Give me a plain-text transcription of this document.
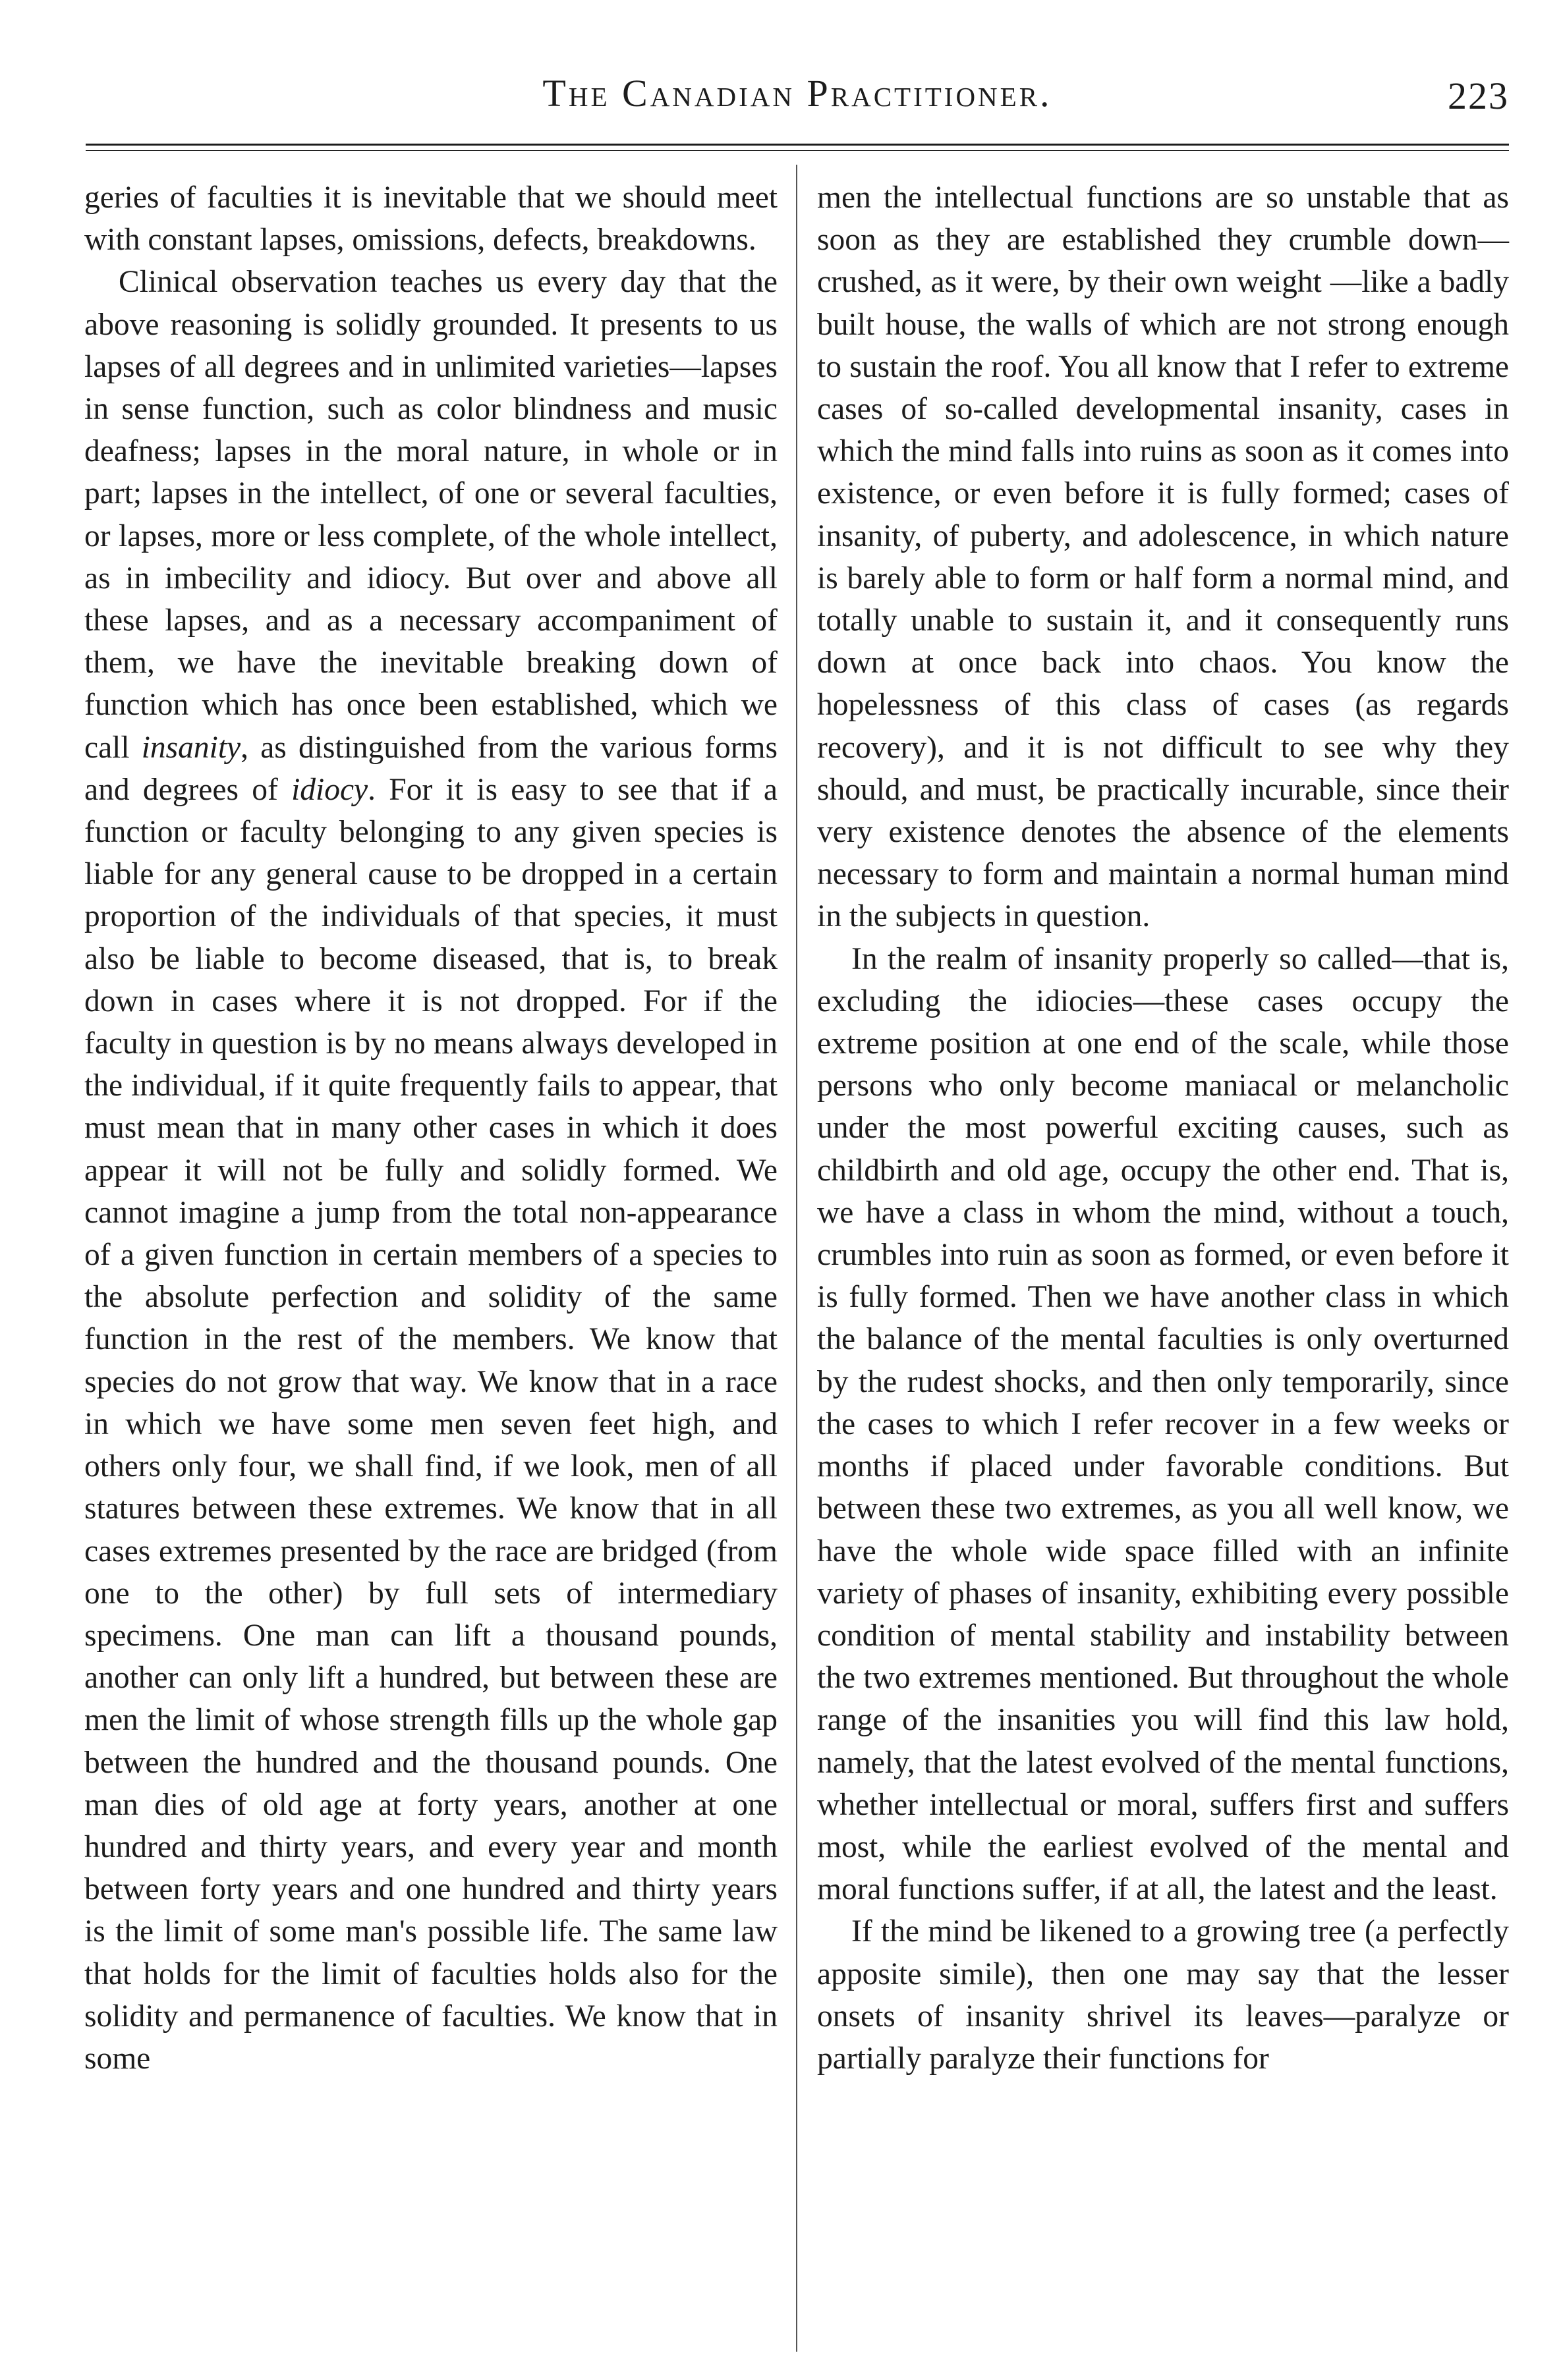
The Canadian Practitioner.	223

geries of faculties it is inevitable that we should meet with constant lapses, omissions, defects, breakdowns.

Clinical observation teaches us every day that the above reasoning is solidly grounded. It presents to us lapses of all degrees and in unlimited varieties—lapses in sense function, such as color blindness and music deafness; lapses in the moral nature, in whole or in part; lapses in the intellect, of one or several faculties, or lapses, more or less complete, of the whole intellect, as in imbecility and idiocy. But over and above all these lapses, and as a necessary accompaniment of them, we have the inevitable breaking down of function which has once been established, which we call insanity, as distinguished from the various forms and degrees of idiocy. For it is easy to see that if a function or faculty belonging to any given species is liable for any general cause to be dropped in a certain proportion of the individuals of that species, it must also be liable to become diseased, that is, to break down in cases where it is not dropped. For if the faculty in question is by no means always developed in the individual, if it quite frequently fails to appear, that must mean that in many other cases in which it does appear it will not be fully and solidly formed. We cannot imagine a jump from the total non-appearance of a given function in certain members of a species to the absolute perfection and solidity of the same function in the rest of the members. We know that species do not grow that way. We know that in a race in which we have some men seven feet high, and others only four, we shall find, if we look, men of all statures between these extremes. We know that in all cases extremes presented by the race are bridged (from one to the other) by full sets of intermediary specimens. One man can lift a thousand pounds, another can only lift a hundred, but between these are men the limit of whose strength fills up the whole gap between the hundred and the thousand pounds. One man dies of old age at forty years, another at one hundred and thirty years, and every year and month between forty years and one hundred and thirty years is the limit of some man's possible life. The same law that holds for the limit of faculties holds also for the solidity and permanence of faculties. We know that in some

men the intellectual functions are so unstable that as soon as they are established they crumble down—crushed, as it were, by their own weight —like a badly built house, the walls of which are not strong enough to sustain the roof. You all know that I refer to extreme cases of so-called developmental insanity, cases in which the mind falls into ruins as soon as it comes into existence, or even before it is fully formed; cases of insanity, of puberty, and adolescence, in which nature is barely able to form or half form a normal mind, and totally unable to sustain it, and it consequently runs down at once back into chaos. You know the hopelessness of this class of cases (as regards recovery), and it is not difficult to see why they should, and must, be practically incurable, since their very existence denotes the absence of the elements necessary to form and maintain a normal human mind in the subjects in question.

In the realm of insanity properly so called—that is, excluding the idiocies—these cases occupy the extreme position at one end of the scale, while those persons who only become maniacal or melancholic under the most powerful exciting causes, such as childbirth and old age, occupy the other end. That is, we have a class in whom the mind, without a touch, crumbles into ruin as soon as formed, or even before it is fully formed. Then we have another class in which the balance of the mental faculties is only overturned by the rudest shocks, and then only temporarily, since the cases to which I refer recover in a few weeks or months if placed under favorable conditions. But between these two extremes, as you all well know, we have the whole wide space filled with an infinite variety of phases of insanity, exhibiting every possible condition of mental stability and instability between the two extremes mentioned. But throughout the whole range of the insanities you will find this law hold, namely, that the latest evolved of the mental functions, whether intellectual or moral, suffers first and suffers most, while the earliest evolved of the mental and moral functions suffer, if at all, the latest and the least.

If the mind be likened to a growing tree (a perfectly apposite simile), then one may say that the lesser onsets of insanity shrivel its leaves—paralyze or partially paralyze their functions for
